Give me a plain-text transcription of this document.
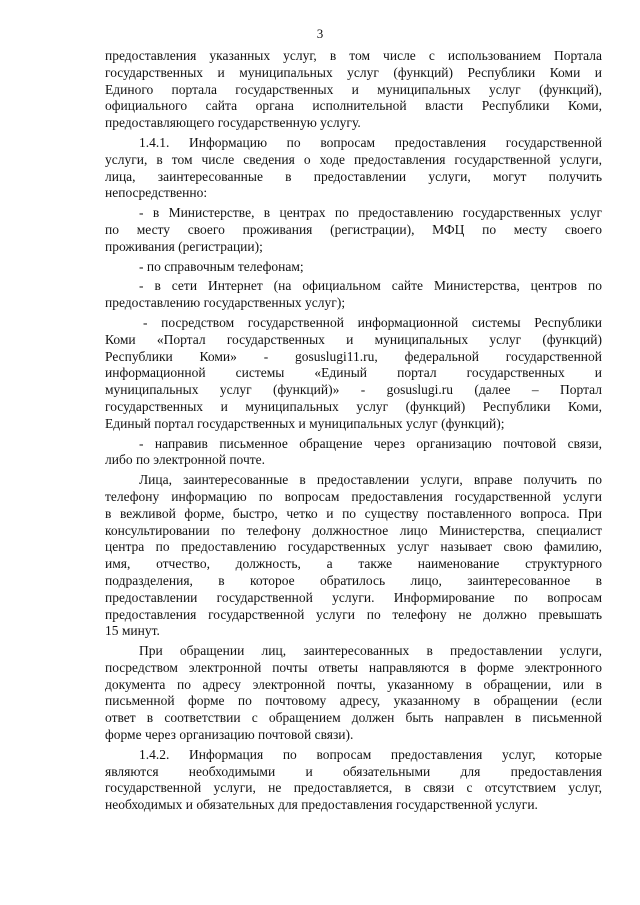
3
предоставления указанных услуг, в том числе с использованием Портала
государственных и муниципальных услуг (функций) Республики Коми и
Единого портала государственных и муниципальных услуг (функций),
официального сайта органа исполнительной власти Республики Коми,
предоставляющего государственную услугу.
1.4.1. Информацию по вопросам предоставления государственной
услуги, в том числе сведения о ходе предоставления государственной услуги,
лица, заинтересованные в предоставлении услуги, могут получить
непосредственно:
- в Министерстве, в центрах по предоставлению государственных услуг
по месту своего проживания (регистрации), МФЦ по месту своего
проживания (регистрации);
- по справочным телефонам;
- в сети Интернет (на официальном сайте Министерства, центров по
предоставлению государственных услуг);
- посредством государственной информационной системы Республики
Коми «Портал государственных и муниципальных услуг (функций)
Республики Коми» - gosuslugi11.ru, федеральной государственной
информационной системы «Единый портал государственных и
муниципальных услуг (функций)» - gosuslugi.ru (далее – Портал
государственных и муниципальных услуг (функций) Республики Коми,
Единый портал государственных и муниципальных услуг (функций);
- направив письменное обращение через организацию почтовой связи,
либо по электронной почте.
Лица, заинтересованные в предоставлении услуги, вправе получить по
телефону информацию по вопросам предоставления государственной услуги
в вежливой форме, быстро, четко и по существу поставленного вопроса. При
консультировании по телефону должностное лицо Министерства, специалист
центра по предоставлению государственных услуг называет свою фамилию,
имя, отчество, должность, а также наименование структурного
подразделения, в которое обратилось лицо, заинтересованное в
предоставлении государственной услуги. Информирование по вопросам
предоставления государственной услуги по телефону не должно превышать
15 минут.
При обращении лиц, заинтересованных в предоставлении услуги,
посредством электронной почты ответы направляются в форме электронного
документа по адресу электронной почты, указанному в обращении, или в
письменной форме по почтовому адресу, указанному в обращении (если
ответ в соответствии с обращением должен быть направлен в письменной
форме через организацию почтовой связи).
1.4.2. Информация по вопросам предоставления услуг, которые
являются необходимыми и обязательными для предоставления
государственной услуги, не предоставляется, в связи с отсутствием услуг,
необходимых и обязательных для предоставления государственной услуги.
